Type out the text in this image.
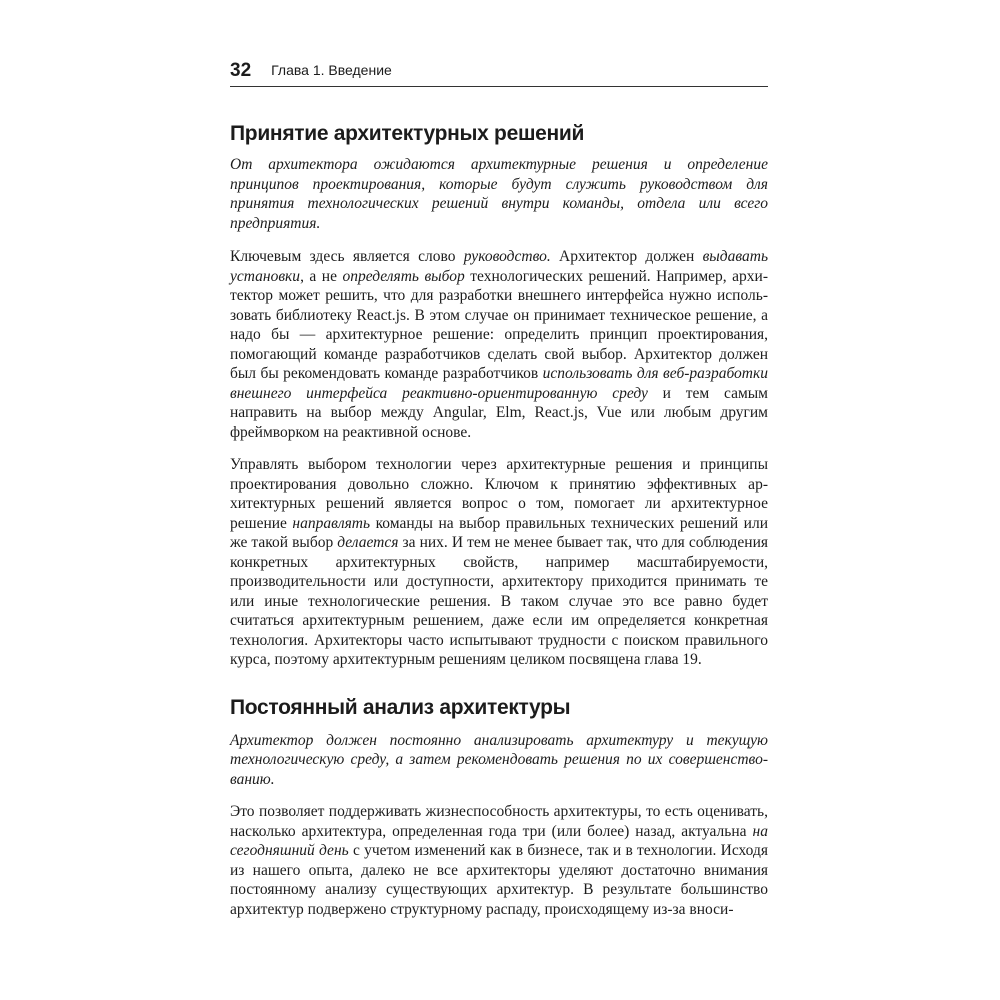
32 Глава 1. Введение
Принятие архитектурных решений

От архитектора ожидаются архитектурные решения и определение принципов проектирования, которые будут служить руководством для принятия технологических решений внутри команды, отдела или всего предприятия.

Ключевым здесь является слово руководство. Архитектор должен выдавать установки, а не определять выбор технологических решений. Например, архитектор может решить, что для разработки внешнего интерфейса нужно использовать библиотеку React.js. В этом случае он принимает техническое решение, а надо бы — архитектурное решение: определить принцип проектирования, помогающий команде разработчиков сделать свой выбор. Архитектор должен был бы рекомендовать команде разработчиков использовать для веб-разработки внешнего интерфейса реактивно-ориентированную среду и тем самым направить на выбор между Angular, Elm, React.js, Vue или любым другим фреймворком на реактивной основе.

Управлять выбором технологии через архитектурные решения и принципы проектирования довольно сложно. Ключом к принятию эффективных архитектурных решений является вопрос о том, помогает ли архитектурное решение направлять команды на выбор правильных технических решений или же такой выбор делается за них. И тем не менее бывает так, что для соблюдения конкретных архитектурных свойств, например масштабируемости, производительности или доступности, архитектору приходится принимать те или иные технологические решения. В таком случае это все равно будет считаться архитектурным решением, даже если им определяется конкретная технология. Архитекторы часто испытывают трудности с поиском правильного курса, поэтому архитектурным решениям целиком посвящена глава 19.

Постоянный анализ архитектуры

Архитектор должен постоянно анализировать архитектуру и текущую технологическую среду, а затем рекомендовать решения по их совершенствованию.

Это позволяет поддерживать жизнеспособность архитектуры, то есть оценивать, насколько архитектура, определенная года три (или более) назад, актуальна на сегодняшний день с учетом изменений как в бизнесе, так и в технологии. Исходя из нашего опыта, далеко не все архитекторы уделяют достаточно внимания постоянному анализу существующих архитектур. В результате большинство архитектур подвержено структурному распаду, происходящему из-за вноси-
